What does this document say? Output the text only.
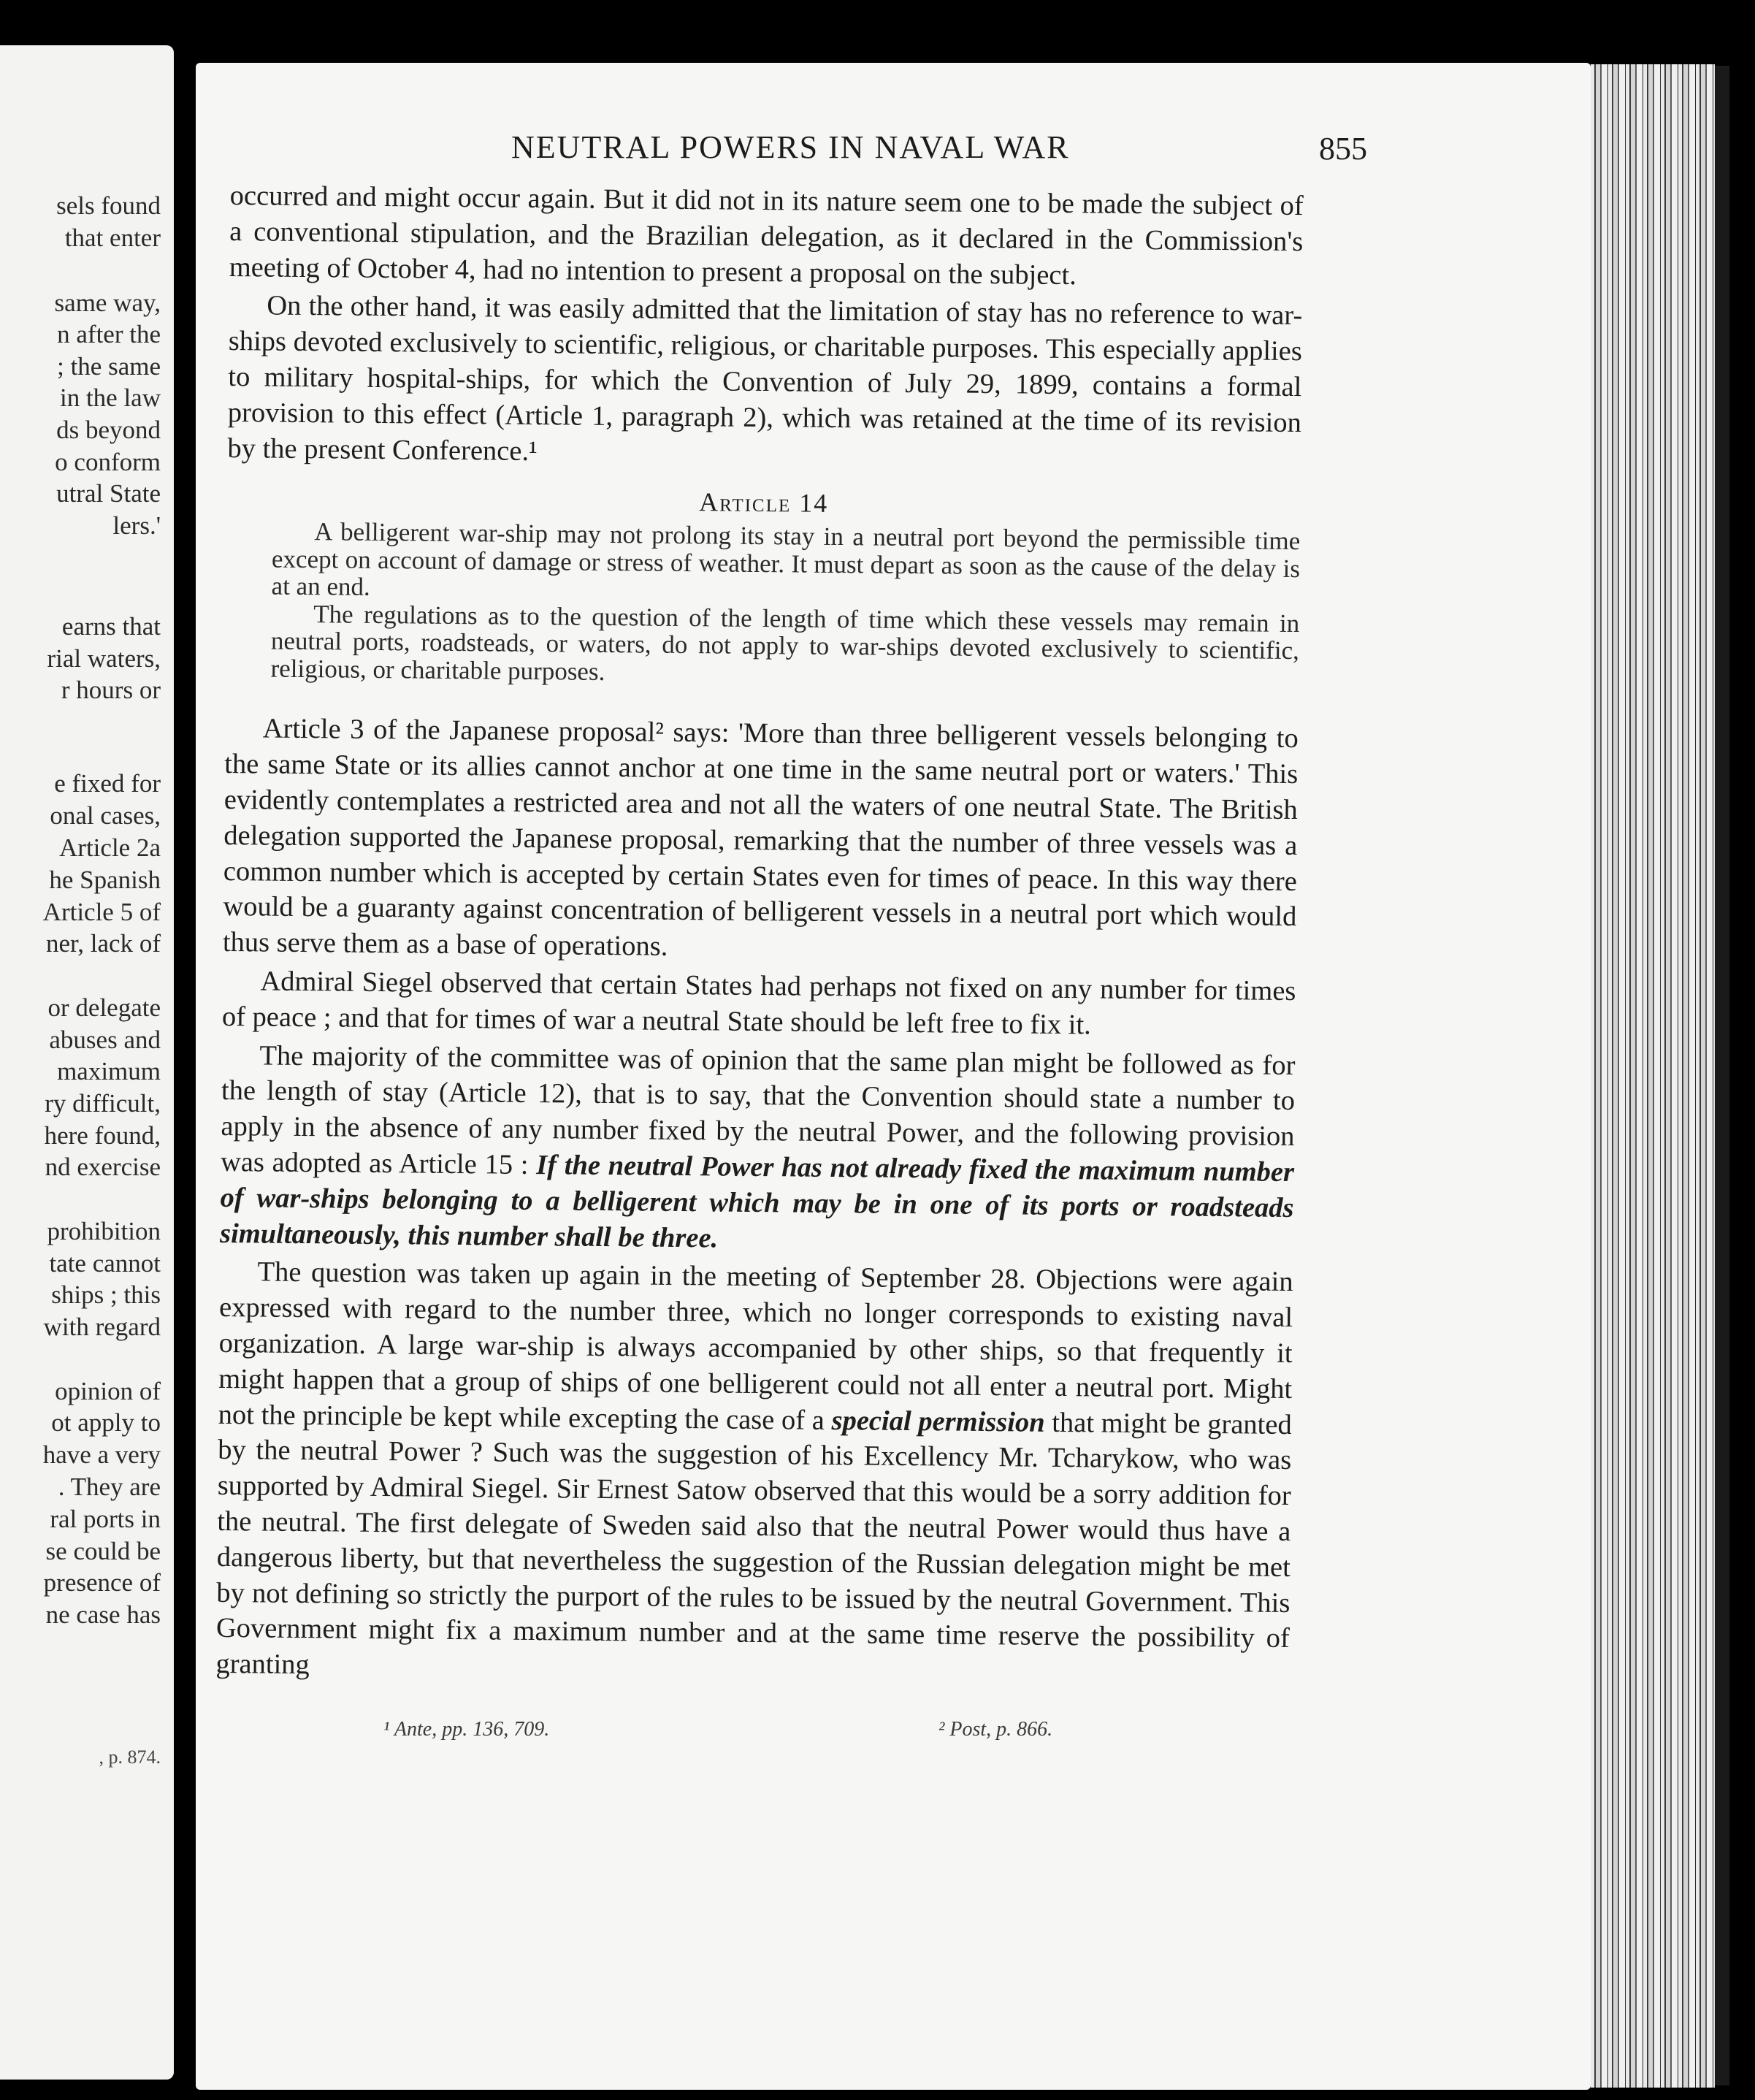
sels found
that enter
same way,
n after the
; the same
in the law
ds beyond
o conform
utral State
lers.'
earns that
rial waters,
r hours or
e fixed for
onal cases,
Article 2a
he Spanish
Article 5 of
ner, lack of
or delegate
abuses and
maximum
ry difficult,
here found,
nd exercise
prohibition
tate cannot
ships ; this
with regard
opinion of
ot apply to
have a very
. They are
ral ports in
se could be
presence of
ne case has
, p. 874.
NEUTRAL POWERS IN NAVAL WAR	855

occurred and might occur again. But it did not in its nature seem one to be made the subject of a conventional stipulation, and the Brazilian delegation, as it declared in the Commission's meeting of October 4, had no intention to present a proposal on the subject.

On the other hand, it was easily admitted that the limitation of stay has no reference to war-ships devoted exclusively to scientific, religious, or charitable purposes. This especially applies to military hospital-ships, for which the Convention of July 29, 1899, contains a formal provision to this effect (Article 1, paragraph 2), which was retained at the time of its revision by the present Conference.¹

Article 14

A belligerent war-ship may not prolong its stay in a neutral port beyond the permissible time except on account of damage or stress of weather. It must depart as soon as the cause of the delay is at an end.

The regulations as to the question of the length of time which these vessels may remain in neutral ports, roadsteads, or waters, do not apply to war-ships devoted exclusively to scientific, religious, or charitable purposes.

Article 3 of the Japanese proposal² says: 'More than three belligerent vessels belonging to the same State or its allies cannot anchor at one time in the same neutral port or waters.' This evidently contemplates a restricted area and not all the waters of one neutral State. The British delegation supported the Japanese proposal, remarking that the number of three vessels was a common number which is accepted by certain States even for times of peace. In this way there would be a guaranty against concentration of belligerent vessels in a neutral port which would thus serve them as a base of operations.

Admiral Siegel observed that certain States had perhaps not fixed on any number for times of peace ; and that for times of war a neutral State should be left free to fix it.

The majority of the committee was of opinion that the same plan might be followed as for the length of stay (Article 12), that is to say, that the Convention should state a number to apply in the absence of any number fixed by the neutral Power, and the following provision was adopted as Article 15 : If the neutral Power has not already fixed the maximum number of war-ships belonging to a belligerent which may be in one of its ports or roadsteads simultaneously, this number shall be three.

The question was taken up again in the meeting of September 28. Objections were again expressed with regard to the number three, which no longer corresponds to existing naval organization. A large war-ship is always accompanied by other ships, so that frequently it might happen that a group of ships of one belligerent could not all enter a neutral port. Might not the principle be kept while excepting the case of a special permission that might be granted by the neutral Power ? Such was the suggestion of his Excellency Mr. Tcharykow, who was supported by Admiral Siegel. Sir Ernest Satow observed that this would be a sorry addition for the neutral. The first delegate of Sweden said also that the neutral Power would thus have a dangerous liberty, but that nevertheless the suggestion of the Russian delegation might be met by not defining so strictly the purport of the rules to be issued by the neutral Government. This Government might fix a maximum number and at the same time reserve the possibility of granting

¹ Ante, pp. 136, 709.	² Post, p. 866.
